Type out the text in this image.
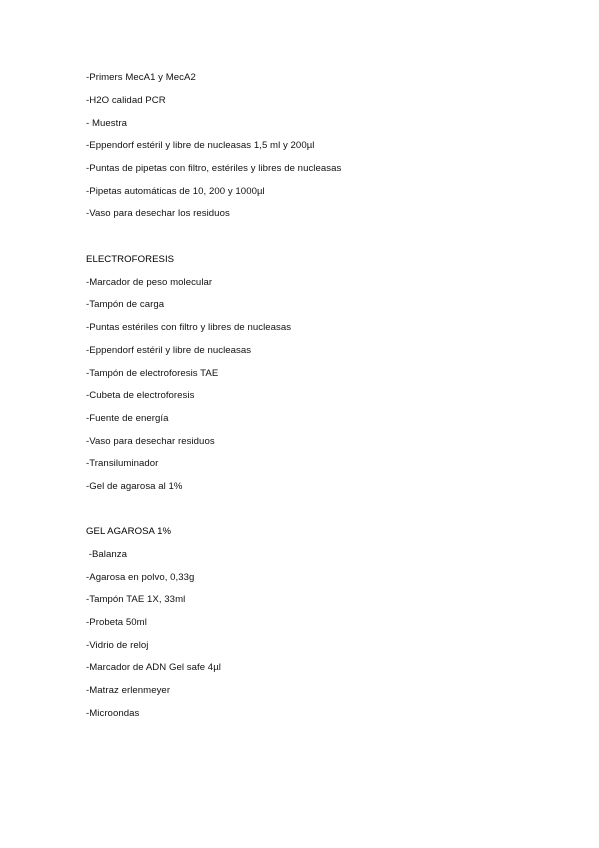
-Primers MecA1 y MecA2

-H2O calidad PCR

- Muestra

-Eppendorf estéril y libre de nucleasas 1,5 ml y 200µl

-Puntas de pipetas con filtro, estériles y libres de nucleasas

-Pipetas automáticas de 10, 200 y 1000µl

-Vaso para desechar los residuos

ELECTROFORESIS

-Marcador de peso molecular

-Tampón de carga

-Puntas estériles con filtro y libres de nucleasas

-Eppendorf estéril y libre de nucleasas

-Tampón de electroforesis TAE

-Cubeta de electroforesis

-Fuente de energía

-Vaso para desechar residuos

-Transiluminador

-Gel de agarosa al 1%

GEL AGAROSA 1%

-Balanza

-Agarosa en polvo, 0,33g

-Tampón TAE 1X, 33ml

-Probeta 50ml

-Vidrio de reloj

-Marcador de ADN Gel safe 4µl

-Matraz erlenmeyer

-Microondas
